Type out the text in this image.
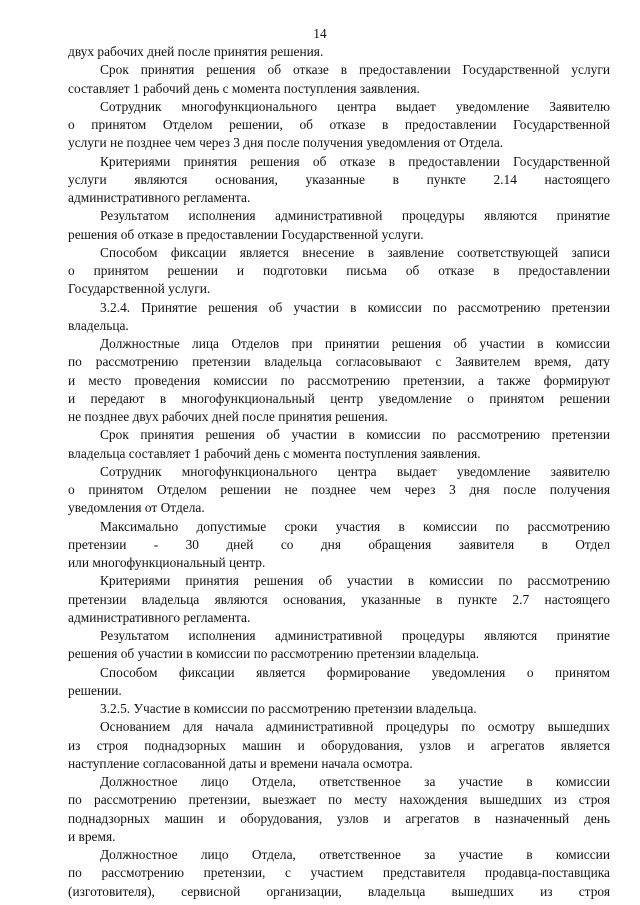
14
двух рабочих дней после принятия решения.
Срок принятия решения об отказе в предоставлении Государственной услуги
составляет 1 рабочий день с момента поступления заявления.
Сотрудник многофункционального центра выдает уведомление Заявителю
о принятом Отделом решении, об отказе в предоставлении Государственной
услуги не позднее чем через 3 дня после получения уведомления от Отдела.
Критериями принятия решения об отказе в предоставлении Государственной
услуги являются основания, указанные в пункте 2.14 настоящего
административного регламента.
Результатом исполнения административной процедуры являются принятие
решения об отказе в предоставлении Государственной услуги.
Способом фиксации является внесение в заявление соответствующей записи
о принятом решении и подготовки письма об отказе в предоставлении
Государственной услуги.
3.2.4. Принятие решения об участии в комиссии по рассмотрению претензии
владельца.
Должностные лица Отделов при принятии решения об участии в комиссии
по рассмотрению претензии владельца согласовывают с Заявителем время, дату
и место проведения комиссии по рассмотрению претензии, а также формируют
и передают в многофункциональный центр уведомление о принятом решении
не позднее двух рабочих дней после принятия решения.
Срок принятия решения об участии в комиссии по рассмотрению претензии
владельца составляет 1 рабочий день с момента поступления заявления.
Сотрудник многофункционального центра выдает уведомление заявителю
о принятом Отделом решении не позднее чем через 3 дня после получения
уведомления от Отдела.
Максимально допустимые сроки участия в комиссии по рассмотрению
претензии - 30 дней со дня обращения заявителя в Отдел
или многофункциональный центр.
Критериями принятия решения об участии в комиссии по рассмотрению
претензии владельца являются основания, указанные в пункте 2.7 настоящего
административного регламента.
Результатом исполнения административной процедуры являются принятие
решения об участии в комиссии по рассмотрению претензии владельца.
Способом фиксации является формирование уведомления о принятом
решении.
3.2.5. Участие в комиссии по рассмотрению претензии владельца.
Основанием для начала административной процедуры по осмотру вышедших
из строя поднадзорных машин и оборудования, узлов и агрегатов является
наступление согласованной даты и времени начала осмотра.
Должностное лицо Отдела, ответственное за участие в комиссии
по рассмотрению претензии, выезжает по месту нахождения вышедших из строя
поднадзорных машин и оборудования, узлов и агрегатов в назначенный день
и время.
Должностное лицо Отдела, ответственное за участие в комиссии
по рассмотрению претензии, с участием представителя продавца-поставщика
(изготовителя), сервисной организации, владельца вышедших из строя
